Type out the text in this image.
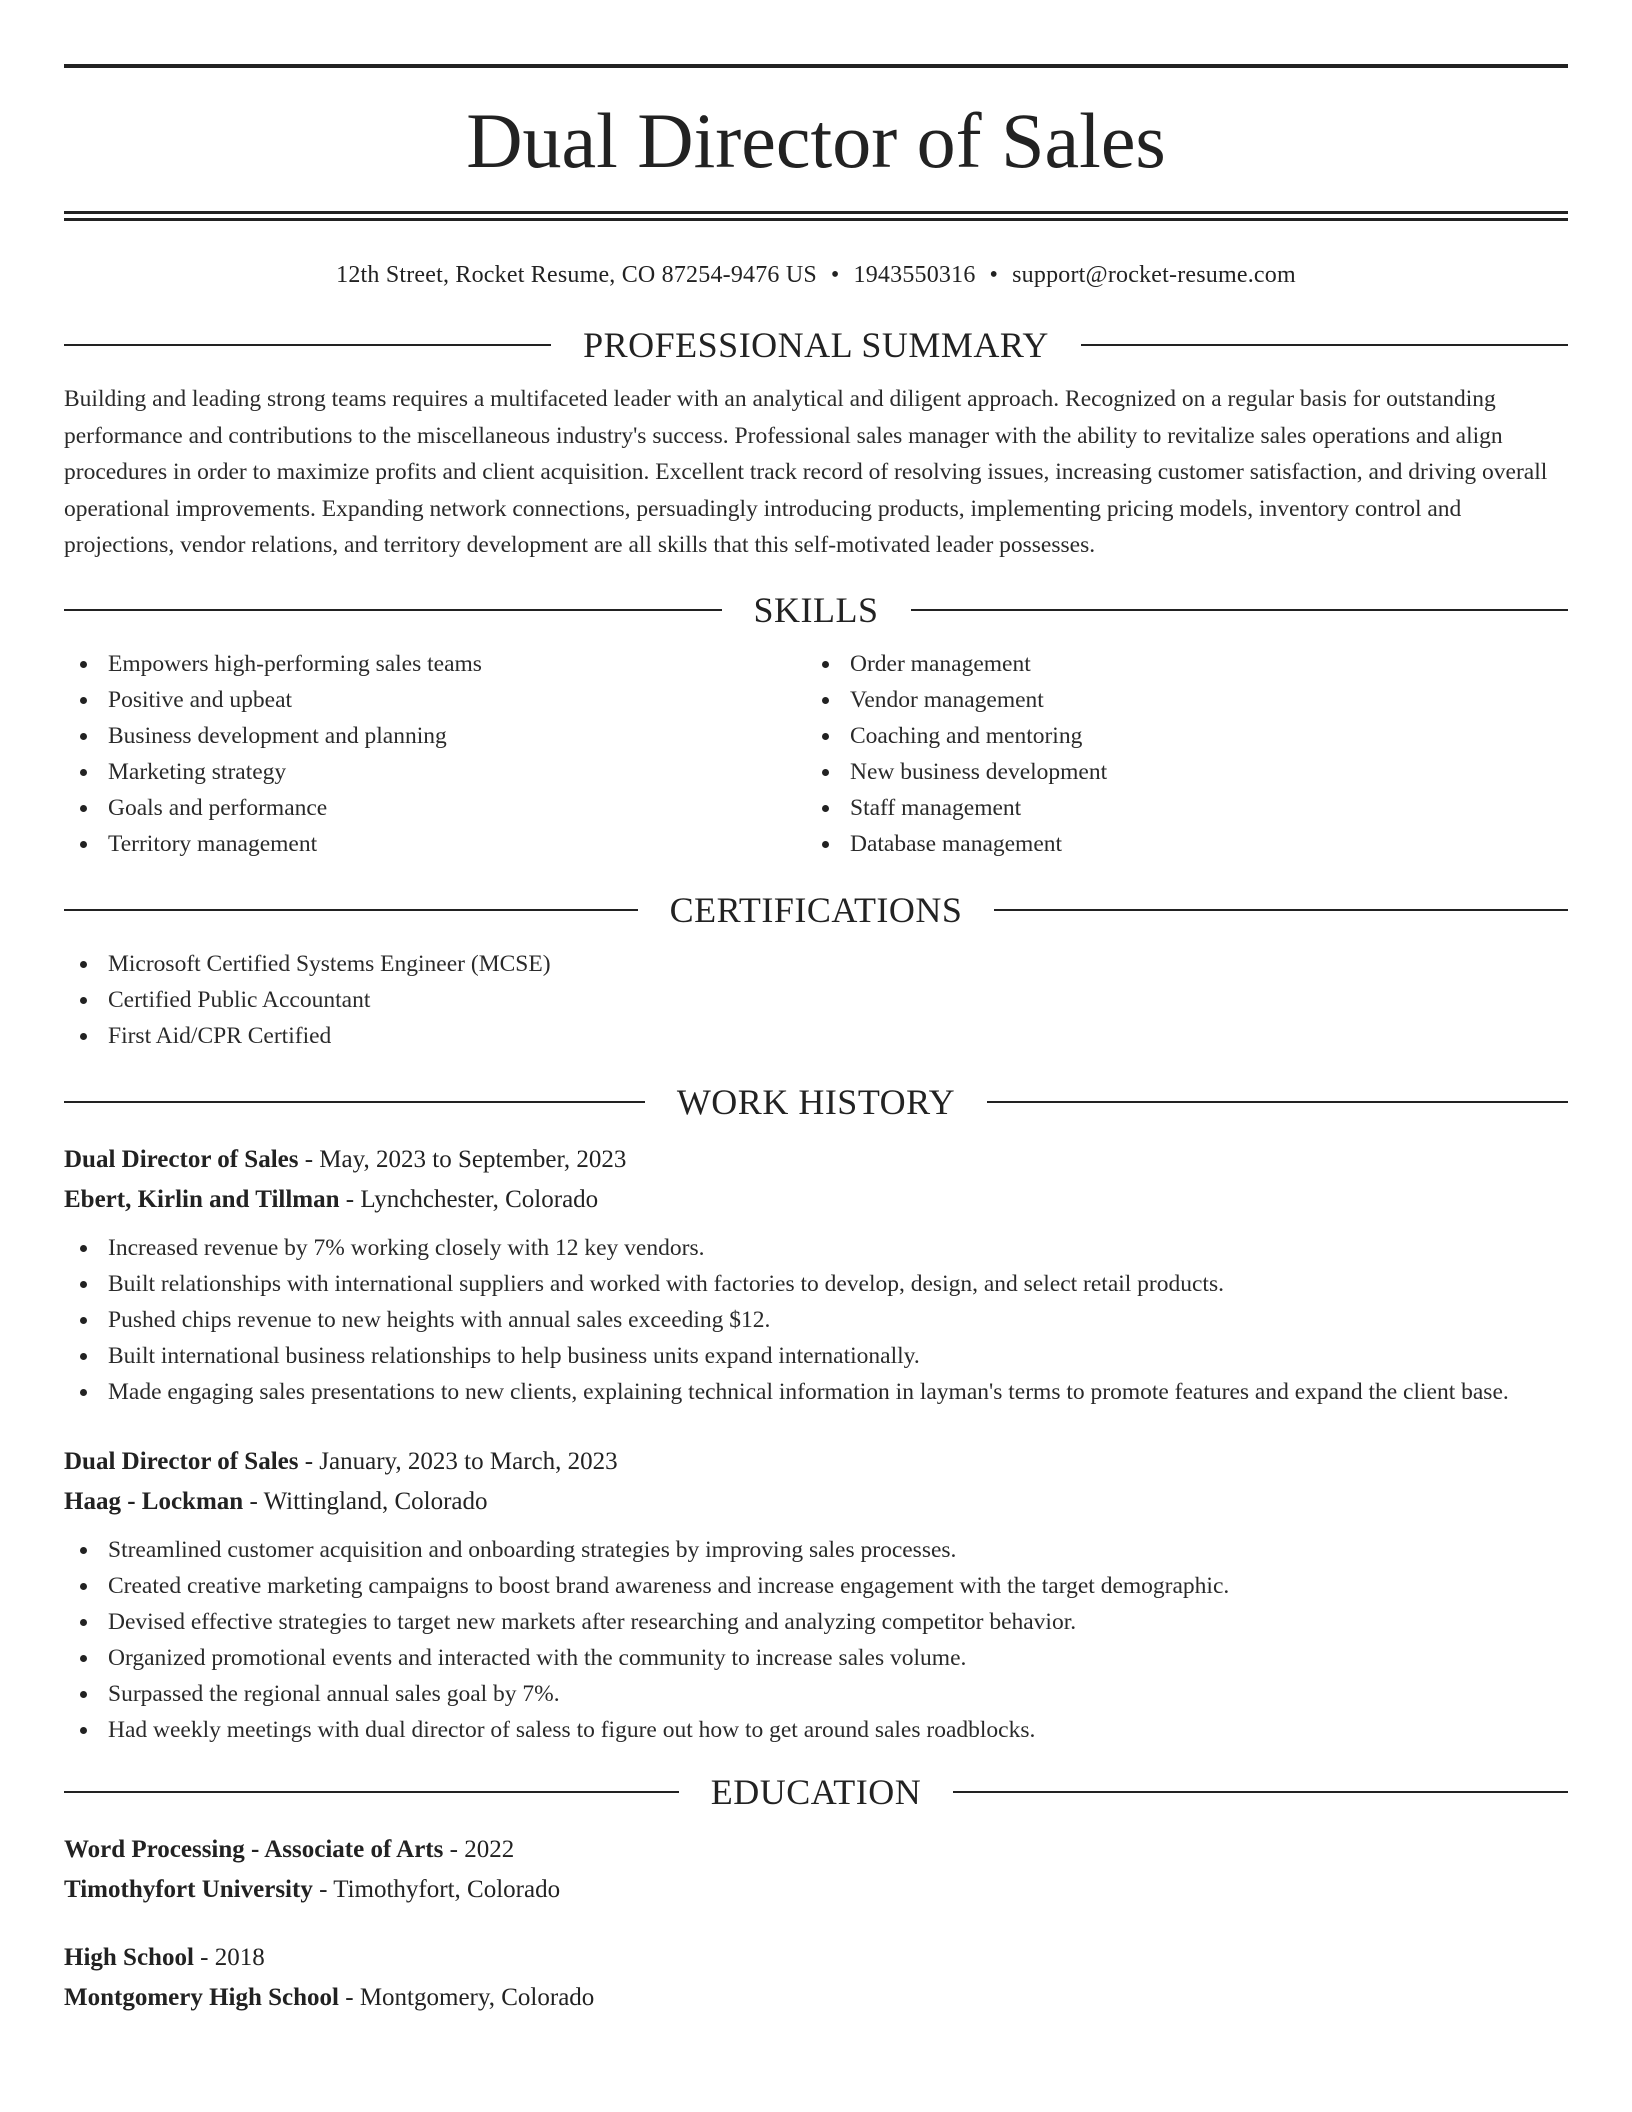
Dual Director of Sales
12th Street, Rocket Resume, CO 87254-9476 US • 1943550316 • support@rocket-resume.com
PROFESSIONAL SUMMARY

Building and leading strong teams requires a multifaceted leader with an analytical and diligent approach. Recognized on a regular basis for outstanding performance and contributions to the miscellaneous industry's success. Professional sales manager with the ability to revitalize sales operations and align procedures in order to maximize profits and client acquisition. Excellent track record of resolving issues, increasing customer satisfaction, and driving overall operational improvements. Expanding network connections, persuadingly introducing products, implementing pricing models, inventory control and projections, vendor relations, and territory development are all skills that this self-motivated leader possesses.

SKILLS
Empowers high-performing sales teams
Positive and upbeat
Business development and planning
Marketing strategy
Goals and performance
Territory management
Order management
Vendor management
Coaching and mentoring
New business development
Staff management
Database management
CERTIFICATIONS
Microsoft Certified Systems Engineer (MCSE)
Certified Public Accountant
First Aid/CPR Certified
WORK HISTORY
Dual Director of Sales - May, 2023 to September, 2023
Ebert, Kirlin and Tillman - Lynchchester, Colorado
Increased revenue by 7% working closely with 12 key vendors.
Built relationships with international suppliers and worked with factories to develop, design, and select retail products.
Pushed chips revenue to new heights with annual sales exceeding $12.
Built international business relationships to help business units expand internationally.
Made engaging sales presentations to new clients, explaining technical information in layman's terms to promote features and expand the client base.
Dual Director of Sales - January, 2023 to March, 2023
Haag - Lockman - Wittingland, Colorado
Streamlined customer acquisition and onboarding strategies by improving sales processes.
Created creative marketing campaigns to boost brand awareness and increase engagement with the target demographic.
Devised effective strategies to target new markets after researching and analyzing competitor behavior.
Organized promotional events and interacted with the community to increase sales volume.
Surpassed the regional annual sales goal by 7%.
Had weekly meetings with dual director of saless to figure out how to get around sales roadblocks.
EDUCATION
Word Processing - Associate of Arts - 2022
Timothyfort University - Timothyfort, Colorado
High School - 2018
Montgomery High School - Montgomery, Colorado
